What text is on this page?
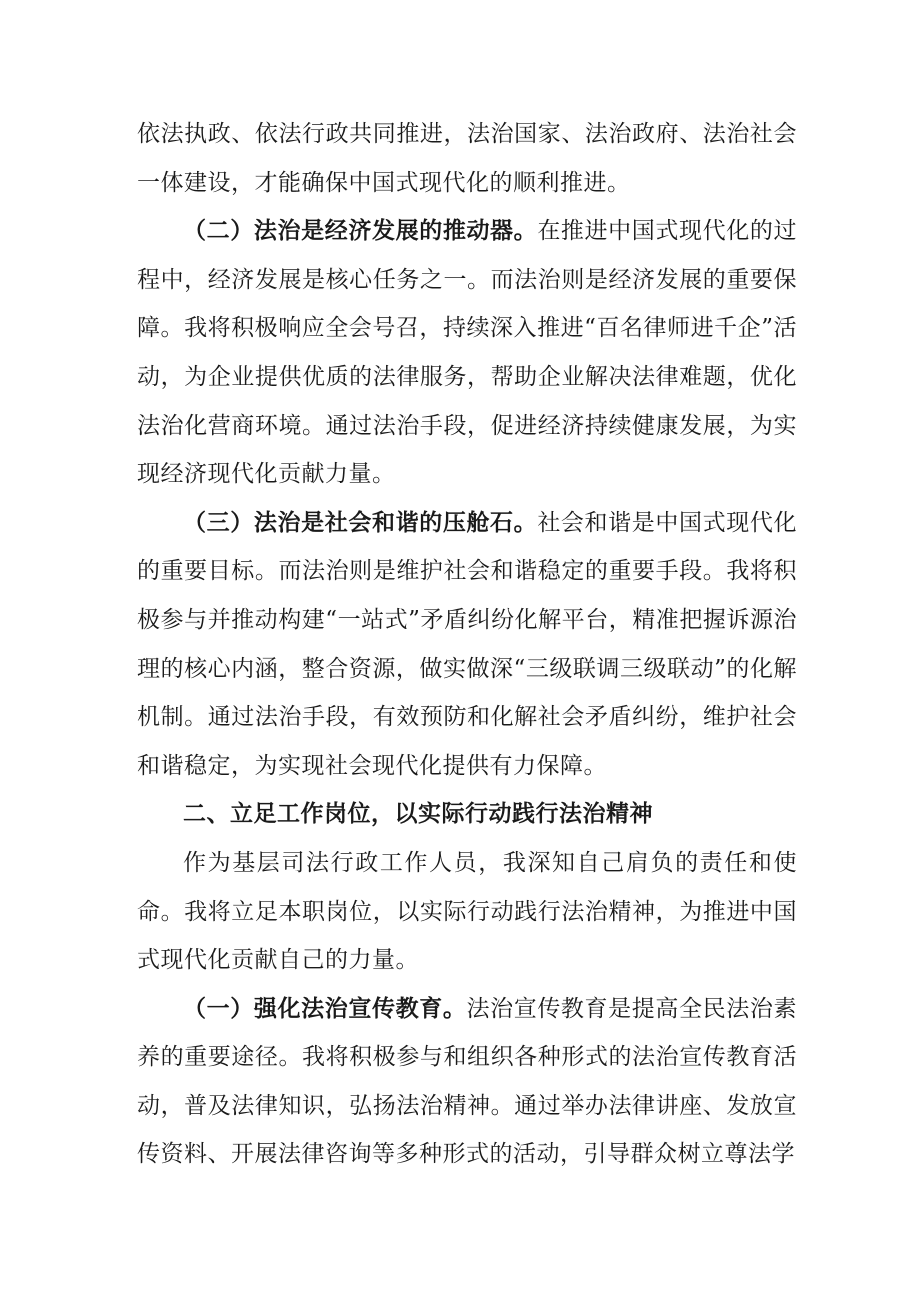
依法执政、依法行政共同推进，法治国家、法治政府、法治社会一体建设，才能确保中国式现代化的顺利推进。

（二）法治是经济发展的推动器。在推进中国式现代化的过程中，经济发展是核心任务之一。而法治则是经济发展的重要保障。我将积极响应全会号召，持续深入推进“百名律师进千企”活动，为企业提供优质的法律服务，帮助企业解决法律难题，优化法治化营商环境。通过法治手段，促进经济持续健康发展，为实现经济现代化贡献力量。

（三）法治是社会和谐的压舱石。社会和谐是中国式现代化的重要目标。而法治则是维护社会和谐稳定的重要手段。我将积极参与并推动构建“一站式”矛盾纠纷化解平台，精准把握诉源治理的核心内涵，整合资源，做实做深“三级联调三级联动”的化解机制。通过法治手段，有效预防和化解社会矛盾纠纷，维护社会和谐稳定，为实现社会现代化提供有力保障。

二、立足工作岗位，以实际行动践行法治精神

作为基层司法行政工作人员，我深知自己肩负的责任和使命。我将立足本职岗位，以实际行动践行法治精神，为推进中国式现代化贡献自己的力量。

（一）强化法治宣传教育。法治宣传教育是提高全民法治素养的重要途径。我将积极参与和组织各种形式的法治宣传教育活动，普及法律知识，弘扬法治精神。通过举办法律讲座、发放宣传资料、开展法律咨询等多种形式的活动，引导群众树立尊法学
